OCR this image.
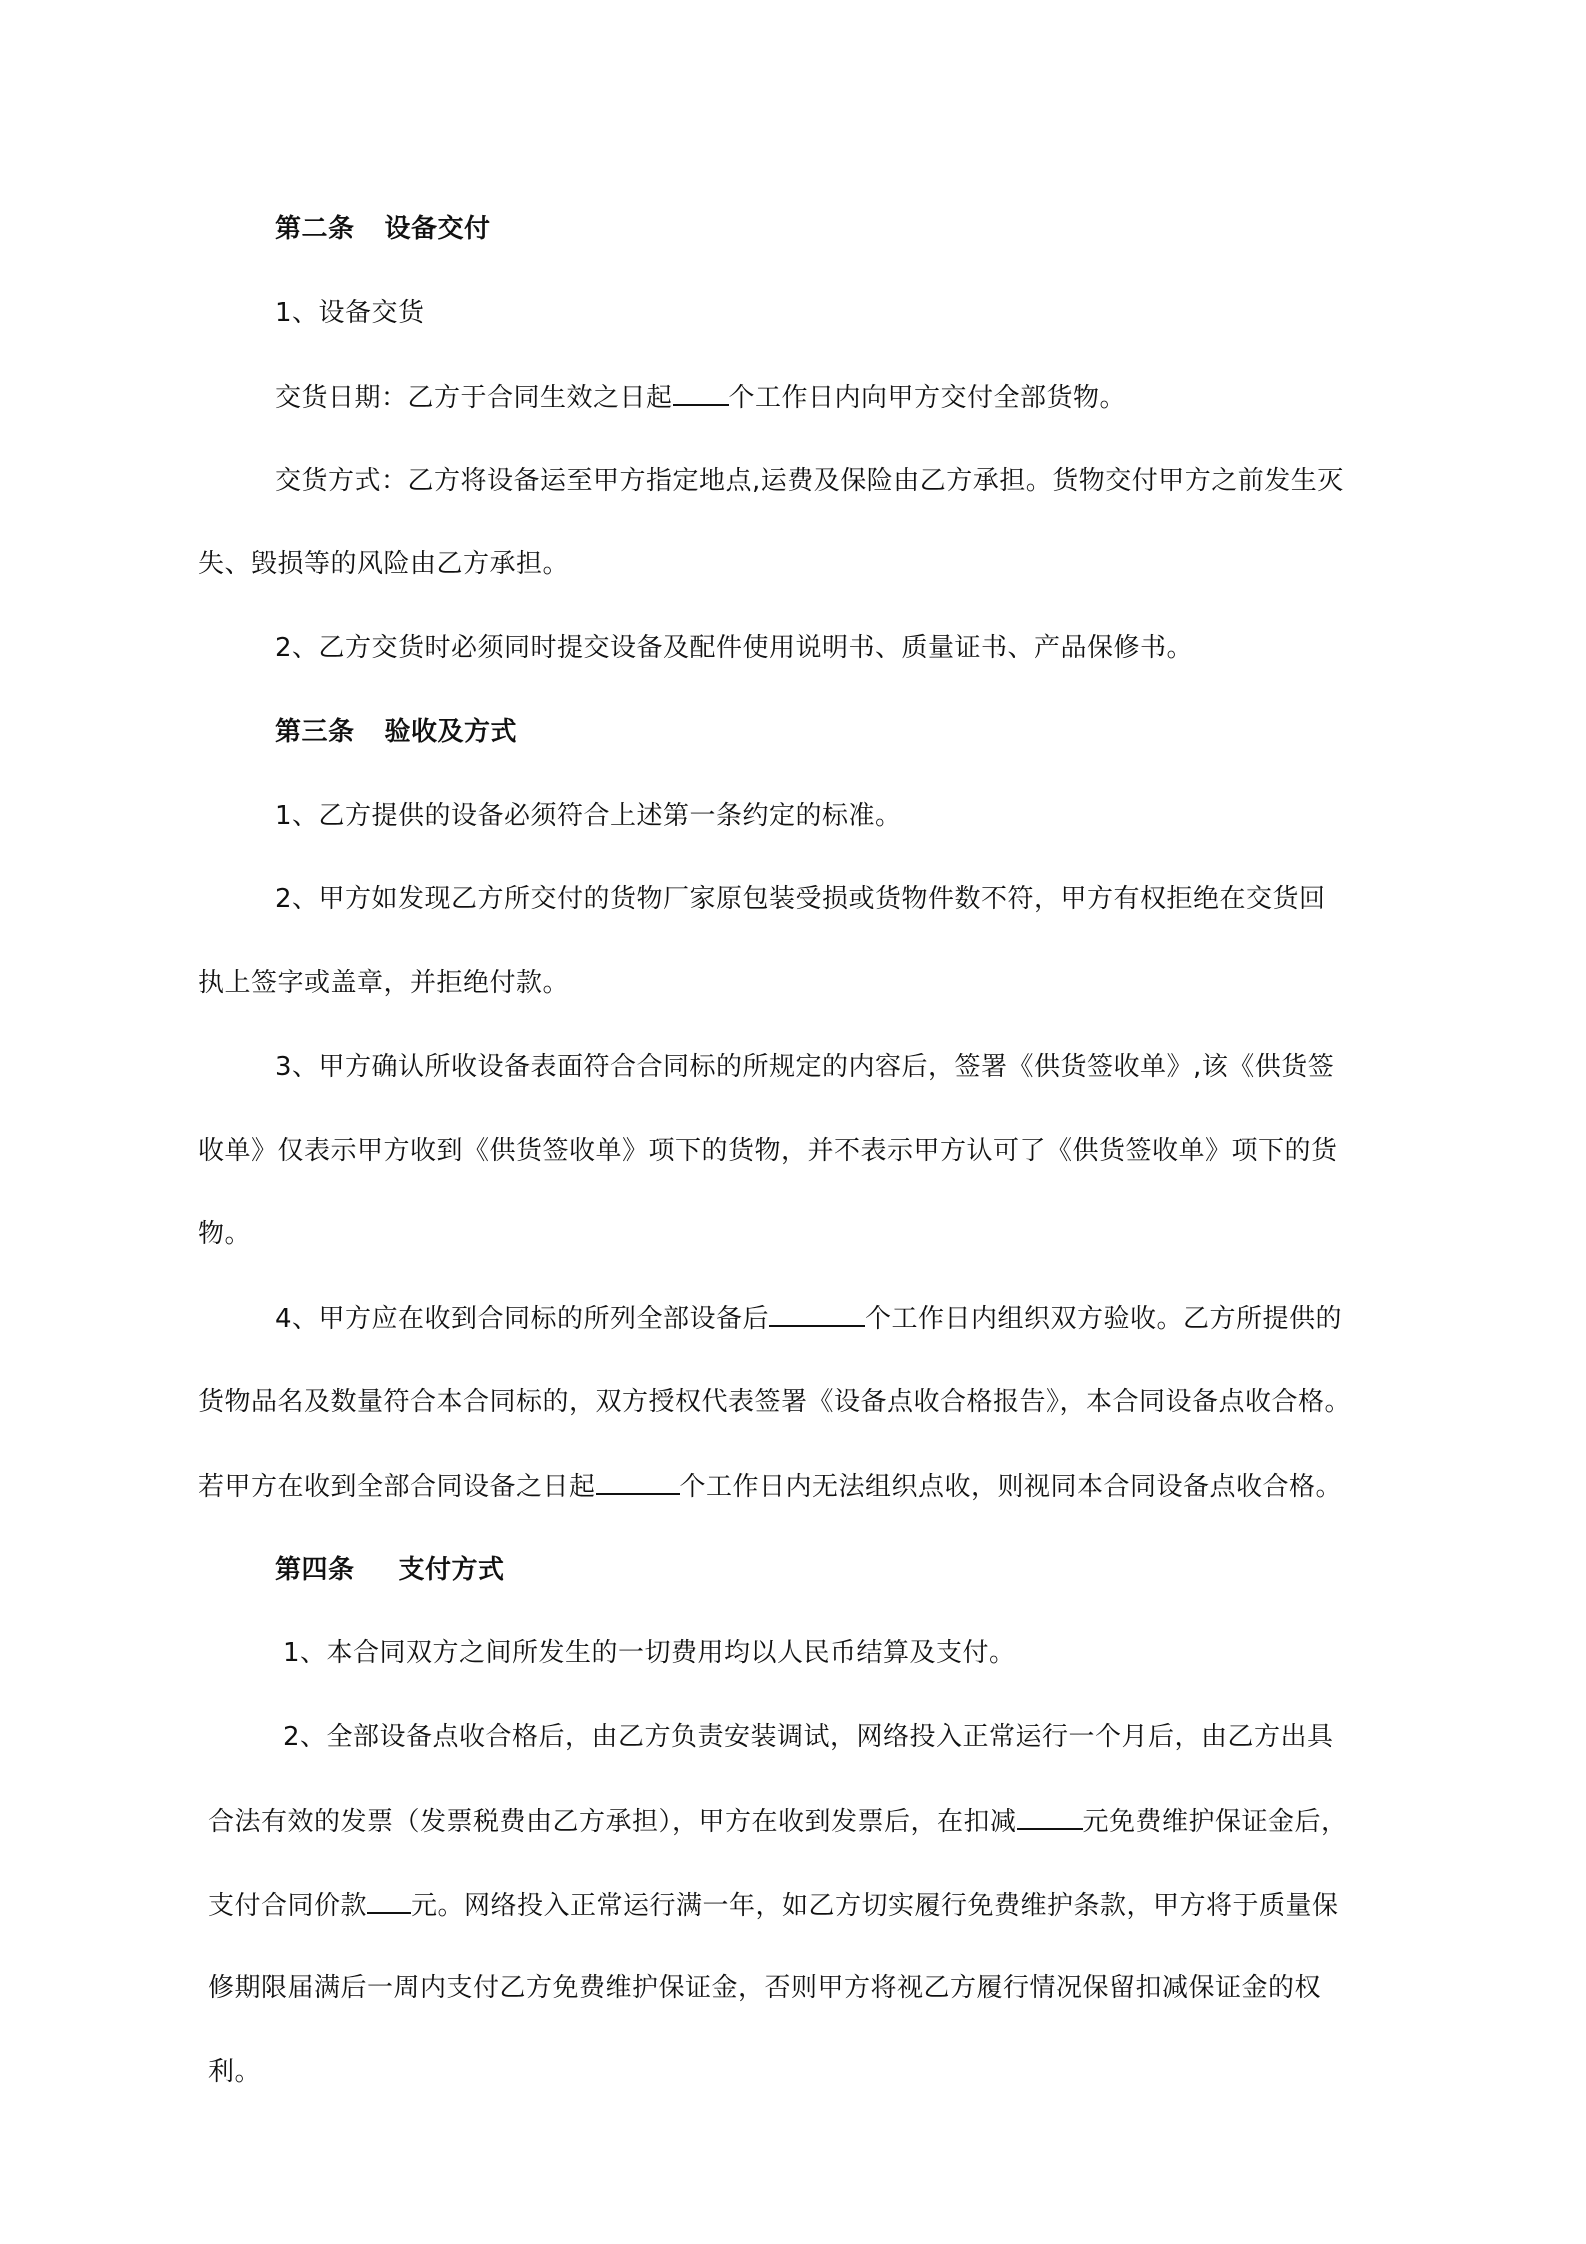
第二条 设备交付
1、设备交货
交货日期：乙方于合同生效之日起 个工作日内向甲方交付全部货物。
交货方式：乙方将设备运至甲方指定地点,运费及保险由乙方承担。货物交付甲方之前发生灭
失、毁损等的风险由乙方承担。
2、乙方交货时必须同时提交设备及配件使用说明书、质量证书、产品保修书。
第三条 验收及方式
1、乙方提供的设备必须符合上述第一条约定的标准。
2、甲方如发现乙方所交付的货物厂家原包装受损或货物件数不符，甲方有权拒绝在交货回
执上签字或盖章，并拒绝付款。
3、甲方确认所收设备表面符合合同标的所规定的内容后，签署《供货签收单》,该《供货签
收单》仅表示甲方收到《供货签收单》项下的货物，并不表示甲方认可了《供货签收单》项下的货
物。
4、甲方应在收到合同标的所列全部设备后	个工作日内组织双方验收。乙方所提供的
货物品名及数量符合本合同标的，双方授权代表签署《设备点收合格报告》，本合同设备点收合格。
若甲方在收到全部合同设备之日起	个工作日内无法组织点收，则视同本合同设备点收合格。
第四条 支付方式
1、本合同双方之间所发生的一切费用均以人民币结算及支付。
2、全部设备点收合格后，由乙方负责安装调试，网络投入正常运行一个月后，由乙方出具
合法有效的发票（发票税费由乙方承担），甲方在收到发票后，在扣减	元免费维护保证金后，
支付合同价款 元。网络投入正常运行满一年，如乙方切实履行免费维护条款，甲方将于质量保
修期限届满后一周内支付乙方免费维护保证金，否则甲方将视乙方履行情况保留扣减保证金的权
利。
